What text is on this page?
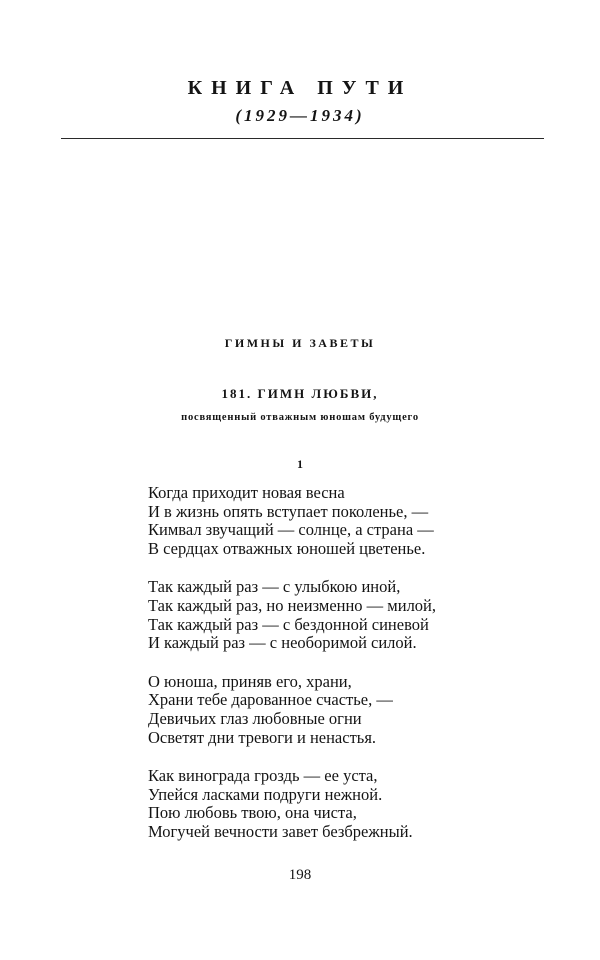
КНИГА ПУТИ
(1929—1934)
ГИМНЫ И ЗАВЕТЫ
181. ГИМН ЛЮБВИ,
посвященный отважным юношам будущего
1
Когда приходит новая весна
И в жизнь опять вступает поколенье, —
Кимвал звучащий — солнце, а страна —
В сердцах отважных юношей цветенье.
Так каждый раз — с улыбкою иной,
Так каждый раз, но неизменно — милой,
Так каждый раз — с бездонной синевой
И каждый раз — с необоримой силой.
О юноша, приняв его, храни,
Храни тебе дарованное счастье, —
Девичьих глаз любовные огни
Осветят дни тревоги и ненастья.
Как винограда гроздь — ее уста,
Упейся ласками подруги нежной.
Пою любовь твою, она чиста,
Могучей вечности завет безбрежный.
198
